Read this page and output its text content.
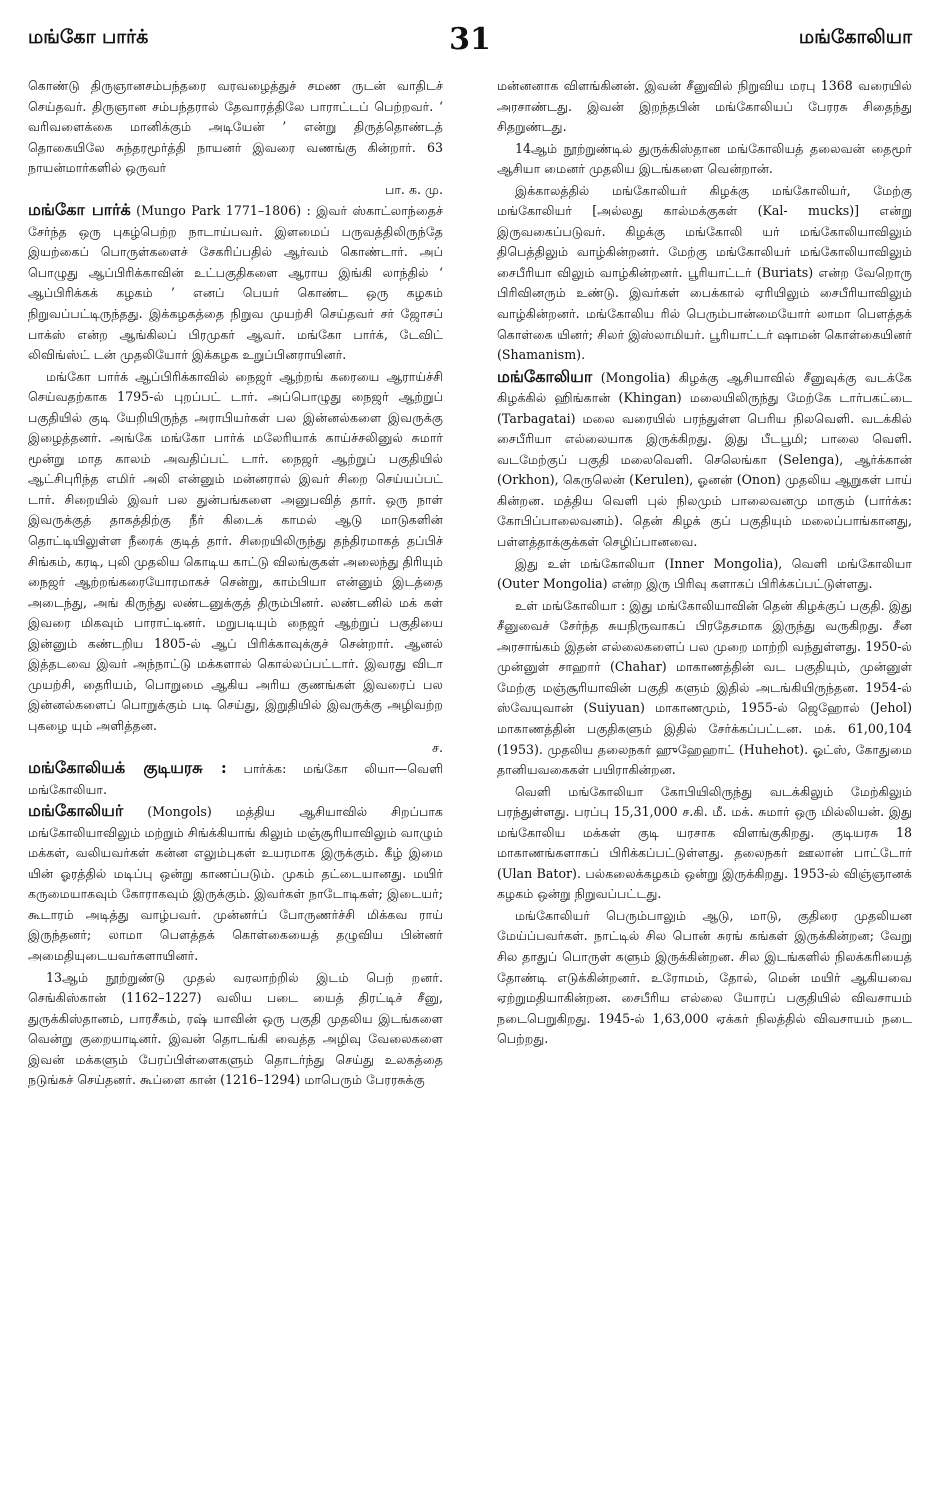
மங்கோ பார்க்	31	மங்கோலியா

கொண்டு திருஞானசம்பந்தரை வரவழைத்துச் சமண ருடன் வாதிடச் செய்தவர். திருஞான சம்பந்தரால் தேவாரத்திலே பாராட்டப் பெற்றவர். ‘ வரிவளைக்கை மானிக்கும் அடியேன் ’ என்று திருத்தொண்டத் தொகையிலே சுந்தரமூர்த்தி நாயனர் இவரை வணங்கு கின்றார். 63 நாயன்மார்களில் ஒருவர்

பா. க. மு.

மங்கோ பார்க் (Mungo Park 1771–1806) : இவர் ஸ்காட்லாந்தைச் சேர்ந்த ஒரு புகழ்பெற்ற நாடாய்பவர். இளமைப் பருவத்திலிருந்தே இயற்கைப் பொருள்களைச் சேகரிப்பதில் ஆர்வம் கொண்டார். அப் பொழுது ஆப்பிரிக்காவின் உட்பகுதிகளை ஆராய இங்கி லாந்தில் ‘ ஆப்பிரிக்கக் கழகம் ’ எனப் பெயர் கொண்ட ஒரு கழகம் நிறுவப்பட்டிருந்தது. இக்கழகத்தை நிறுவ முயற்சி செய்தவர் சர் ஜோசப் பாக்ஸ் என்ற ஆங்கிலப் பிரமுகர் ஆவர். மங்கோ பார்க், டேவிட் லிவிங்ஸ்ட் டன் முதலியோர் இக்கழக உறுப்பினராயினர்.

மங்கோ பார்க் ஆப்பிரிக்காவில் நைஜர் ஆற்றங் கரையை ஆராய்ச்சி செய்வதற்காக 1795-ல் புறப்பட் டார். அப்பொழுது நைஜர் ஆற்றுப் பகுதியில் குடி யேறியிருந்த அராபியர்கள் பல இன்னல்களை இவருக்கு இழைத்தனர். அங்கே மங்கோ பார்க் மலேரியாக் காய்ச்சலினுல் சுமார் மூன்று மாத காலம் அவதிப்பட் டார். நைஜர் ஆற்றுப் பகுதியில் ஆட்சிபுரிந்த எமிர் அலி என்னும் மன்னரால் இவர் சிறை செய்யப்பட் டார். சிறையில் இவர் பல துன்பங்களை அனுபவித் தார். ஒரு நாள் இவருக்குத் தாகத்திற்கு நீர் கிடைக் காமல் ஆடு மாடுகளின் தொட்டியிலுள்ள நீரைக் குடித் தார். சிறையிலிருந்து தந்திரமாகத் தப்பிச் சிங்கம், கரடி, புலி முதலிய கொடிய காட்டு விலங்குகள் அலைந்து திரியும் நைஜர் ஆற்றங்கரையோரமாகச் சென்று, காம்பியா என்னும் இடத்தை அடைந்து, அங் கிருந்து லண்டனுக்குத் திரும்பினர். லண்டனில் மக் கள் இவரை மிகவும் பாராட்டினர். மறுபடியும் நைஜர் ஆற்றுப் பகுதியை இன்னும் கண்டறிய 1805-ல் ஆப் பிரிக்காவுக்குச் சென்றார். ஆனல் இத்தடவை இவர் அந்நாட்டு மக்களால் கொல்லப்பட்டார். இவரது விடா முயற்சி, தைரியம், பொறுமை ஆகிய அரிய குணங்கள் இவரைப் பல இன்னல்களைப் பொறுக்கும் படி செய்து, இறுதியில் இவருக்கு அழிவற்ற புகழை யும் அளித்தன.

ச.

மங்கோலியக் குடியரசு : பார்க்க: மங்கோ லியா—வெளி மங்கோலியா.

மங்கோலியர் (Mongols) மத்திய ஆசியாவில் சிறப்பாக மங்கோலியாவிலும் மற்றும் சிங்க்கியாங் கிலும் மஞ்சூரியாவிலும் வாழும் மக்கள், வலியவர்கள் கன்ன எலும்புகள் உயரமாக இருக்கும். கீழ் இமை யின் ஓரத்தில் மடிப்பு ஒன்று காணப்படும். முகம் தட்டையானது. மயிர் கருமையாகவும் கோராகவும் இருக்கும். இவர்கள் நாடோடிகள்; இடையர்; கூடாரம் அடித்து வாழ்பவர். முன்னர்ப் போருணர்ச்சி மிக்கவ ராய் இருந்தனர்; லாமா பௌத்தக் கொள்கையைத் தழுவிய பின்னர் அமைதியுடையவர்களாயினர்.

13ஆம் நூற்றுண்டு முதல் வரலாற்றில் இடம் பெற் றனர். செங்கிஸ்கான் (1162–1227) வலிய படை யைத் திரட்டிச் சீனு, துருக்கிஸ்தானம், பாரசீகம், ரஷ் யாவின் ஒரு பகுதி முதலிய இடங்களை வென்று குறையாடினர். இவன் தொடங்கி வைத்த அழிவு வேலைகளை இவன் மக்களும் பேரப்பிள்ளைகளும் தொடர்ந்து செய்து உலகத்தை நடுங்கச் செய்தனர். கூப்ளை கான் (1216–1294) மாபெரும் பேரரசுக்கு

மன்னனாக விளங்கினன். இவன் சீனுவில் நிறுவிய மரபு 1368 வரையில் அரசாண்டது. இவன் இறந்தபின் மங்கோலியப் பேரரசு சிதைந்து சிதறுண்டது.

14ஆம் நூற்றுண்டில் துருக்கிஸ்தான மங்கோலியத் தலைவன் தைமூர் ஆசியா மைனர் முதலிய இடங்களை வென்றான்.

இக்காலத்தில் மங்கோலியர் கிழக்கு மங்கோலியர், மேற்கு மங்கோலியர் [அல்லது கால்மக்குகள் (Kal- mucks)] என்று இருவகைப்படுவர். கிழக்கு மங்கோலி யர் மங்கோலியாவிலும் திபெத்திலும் வாழ்கின்றனர். மேற்கு மங்கோலியர் மங்கோலியாவிலும் சைபீரியா விலும் வாழ்கின்றனர். பூரியாட்டர் (Buriats) என்ற வேறொரு பிரிவினரும் உண்டு. இவர்கள் பைக்கால் ஏரியிலும் சைபீரியாவிலும் வாழ்கின்றனர். மங்கோலிய ரில் பெரும்பான்மையோர் லாமா பௌத்தக் கொள்கை யினர்; சிலர் இஸ்லாமியர். பூரியாட்டர் ஷாமன் கொள்கையினர் (Shamanism).

மங்கோலியா (Mongolia) கிழக்கு ஆசியாவில் சீனுவுக்கு வடக்கே கிழக்கில் ஹிங்கான் (Khingan) மலையிலிருந்து மேற்கே டார்பகட்டை (Tarbagatai) மலை வரையில் பரந்துள்ள பெரிய நிலவெளி. வடக்கில் சைபீரியா எல்லையாக இருக்கிறது. இது பீடபூமி; பாலை வெளி. வடமேற்குப் பகுதி மலைவெளி. செலெங்கா (Selenga), ஆர்க்கான் (Orkhon), கெருலென் (Kerulen), ஓனன் (Onon) முதலிய ஆறுகள் பாய் கின்றன. மத்திய வெளி புல் நிலமும் பாலைவனமு மாகும் (பார்க்க: கோபிப்பாலைவனம்). தென் கிழக் குப் பகுதியும் மலைப்பாங்கானது, பள்ளத்தாக்குக்கள் செழிப்பானவை.

இது உள் மங்கோலியா (Inner Mongolia), வெளி மங்கோலியா (Outer Mongolia) என்ற இரு பிரிவு களாகப் பிரிக்கப்பட்டுள்ளது.

உள் மங்கோலியா : இது மங்கோலியாவின் தென் கிழக்குப் பகுதி. இது சீனுவைச் சேர்ந்த சுயநிருவாகப் பிரதேசமாக இருந்து வருகிறது. சீன அரசாங்கம் இதன் எல்லைகளைப் பல முறை மாற்றி வந்துள்ளது. 1950-ல் முன்னுள் சாஹார் (Chahar) மாகாணத்தின் வட பகுதியும், முன்னுள் மேற்கு மஞ்சூரியாவின் பகுதி களும் இதில் அடங்கியிருந்தன. 1954-ல் ஸ்வேயுவான் (Suiyuan) மாகாணமும், 1955-ல் ஜெஹோல் (Jehol) மாகாணத்தின் பகுதிகளும் இதில் சேர்க்கப்பட்டன. மக். 61,00,104 (1953). முதலிய தலைநகர் ஹுஹேஹாட் (Huhehot). ஓட்ஸ், கோதுமை தானியவகைகள் பயிராகின்றன.

வெளி மங்கோலியா கோபியிலிருந்து வடக்கிலும் மேற்கிலும் பரந்துள்ளது. பரப்பு 15,31,000 ச.கி. மீ. மக். சுமார் ஒரு மில்லியன். இது மங்கோலிய மக்கள் குடி யரசாக விளங்குகிறது. குடியரசு 18 மாகாணங்களாகப் பிரிக்கப்பட்டுள்ளது. தலைநகர் ஊலான் பாட்டோர் (Ulan Bator). பல்கலைக்கழகம் ஒன்று இருக்கிறது. 1953-ல் விஞ்ஞானக் கழகம் ஒன்று நிறுவப்பட்டது.

மங்கோலியர் பெரும்பாலும் ஆடு, மாடு, குதிரை முதலியன மேய்ப்பவர்கள். நாட்டில் சில பொன் சுரங் கங்கள் இருக்கின்றன; வேறு சில தாதுப் பொருள் களும் இருக்கின்றன. சில இடங்களில் நிலக்கரியைத் தோண்டி எடுக்கின்றனர். உரோமம், தோல், மென் மயிர் ஆகியவை ஏற்றுமதியாகின்றன. சைபீரிய எல்லை யோரப் பகுதியில் விவசாயம் நடைபெறுகிறது. 1945-ல் 1,63,000 ஏக்கர் நிலத்தில் விவசாயம் நடை பெற்றது.
